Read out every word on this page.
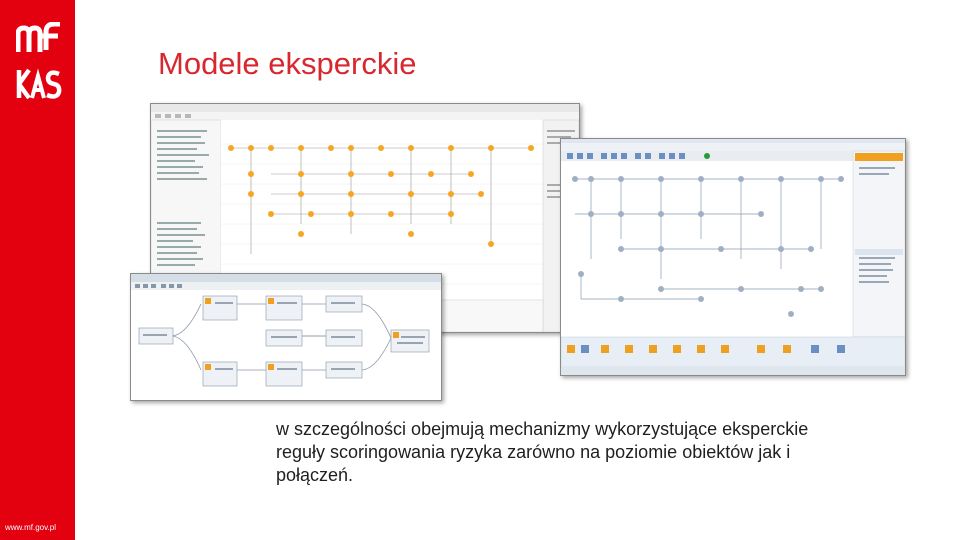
www.mf.gov.pl
Modele eksperckie
w szczególności obejmują mechanizmy wykorzystujące eksperckie reguły scoringowania ryzyka zarówno na poziomie obiektów jak i połączeń.
